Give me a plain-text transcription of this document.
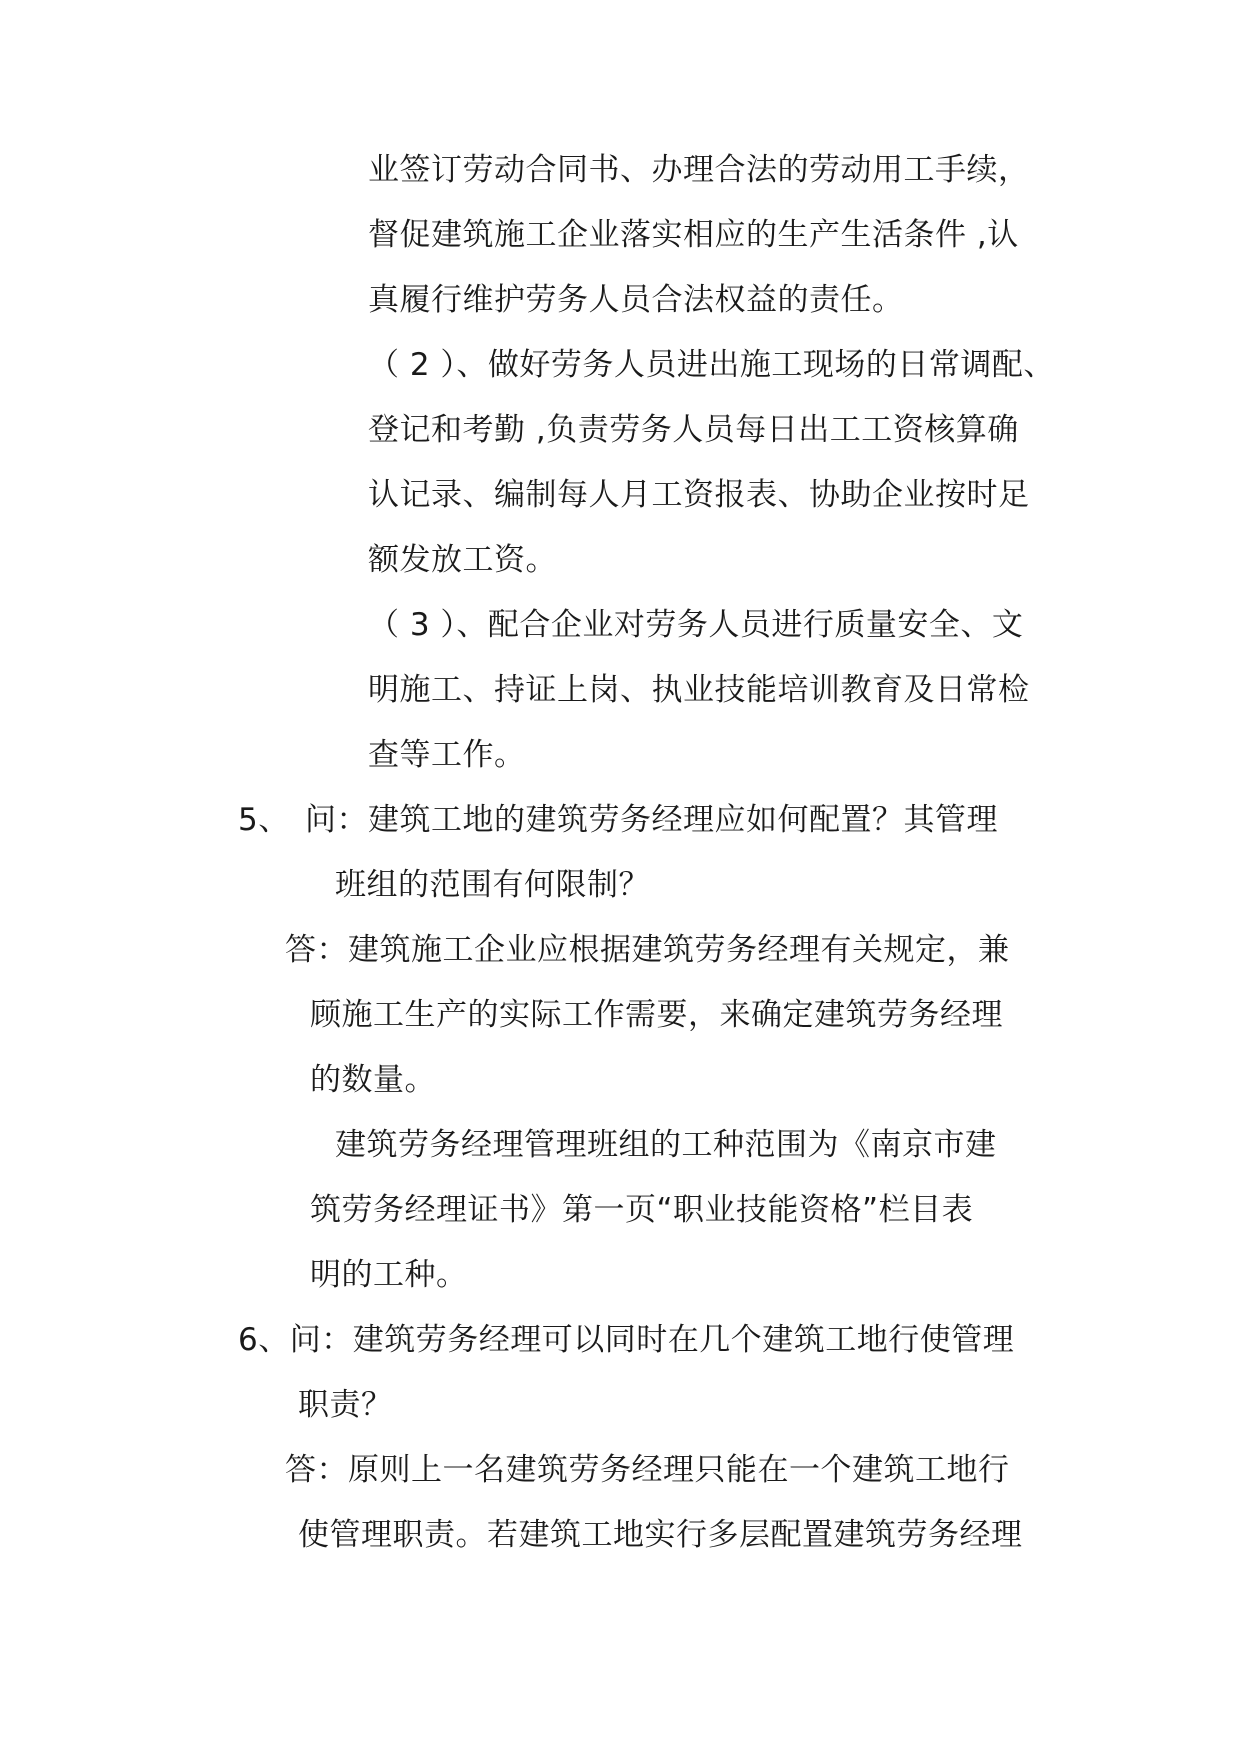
业签订劳动合同书、办理合法的劳动用工手续，
督促建筑施工企业落实相应的生产生活条件 ,认
真履行维护劳务人员合法权益的责任。
（ 2 ）、做好劳务人员进出施工现场的日常调配、
登记和考勤 ,负责劳务人员每日出工工资核算确
认记录、编制每人月工资报表、协助企业按时足
额发放工资。
（ 3 ）、配合企业对劳务人员进行质量安全、文
明施工、持证上岗、执业技能培训教育及日常检
查等工作。
5、 问：建筑工地的建筑劳务经理应如何配置？其管理
班组的范围有何限制？
答：建筑施工企业应根据建筑劳务经理有关规定，兼
顾施工生产的实际工作需要，来确定建筑劳务经理
的数量。
建筑劳务经理管理班组的工种范围为《南京市建
筑劳务经理证书》第一页“职业技能资格”栏目表
明的工种。
6、问：建筑劳务经理可以同时在几个建筑工地行使管理
职责？
答：原则上一名建筑劳务经理只能在一个建筑工地行
使管理职责。若建筑工地实行多层配置建筑劳务经理
